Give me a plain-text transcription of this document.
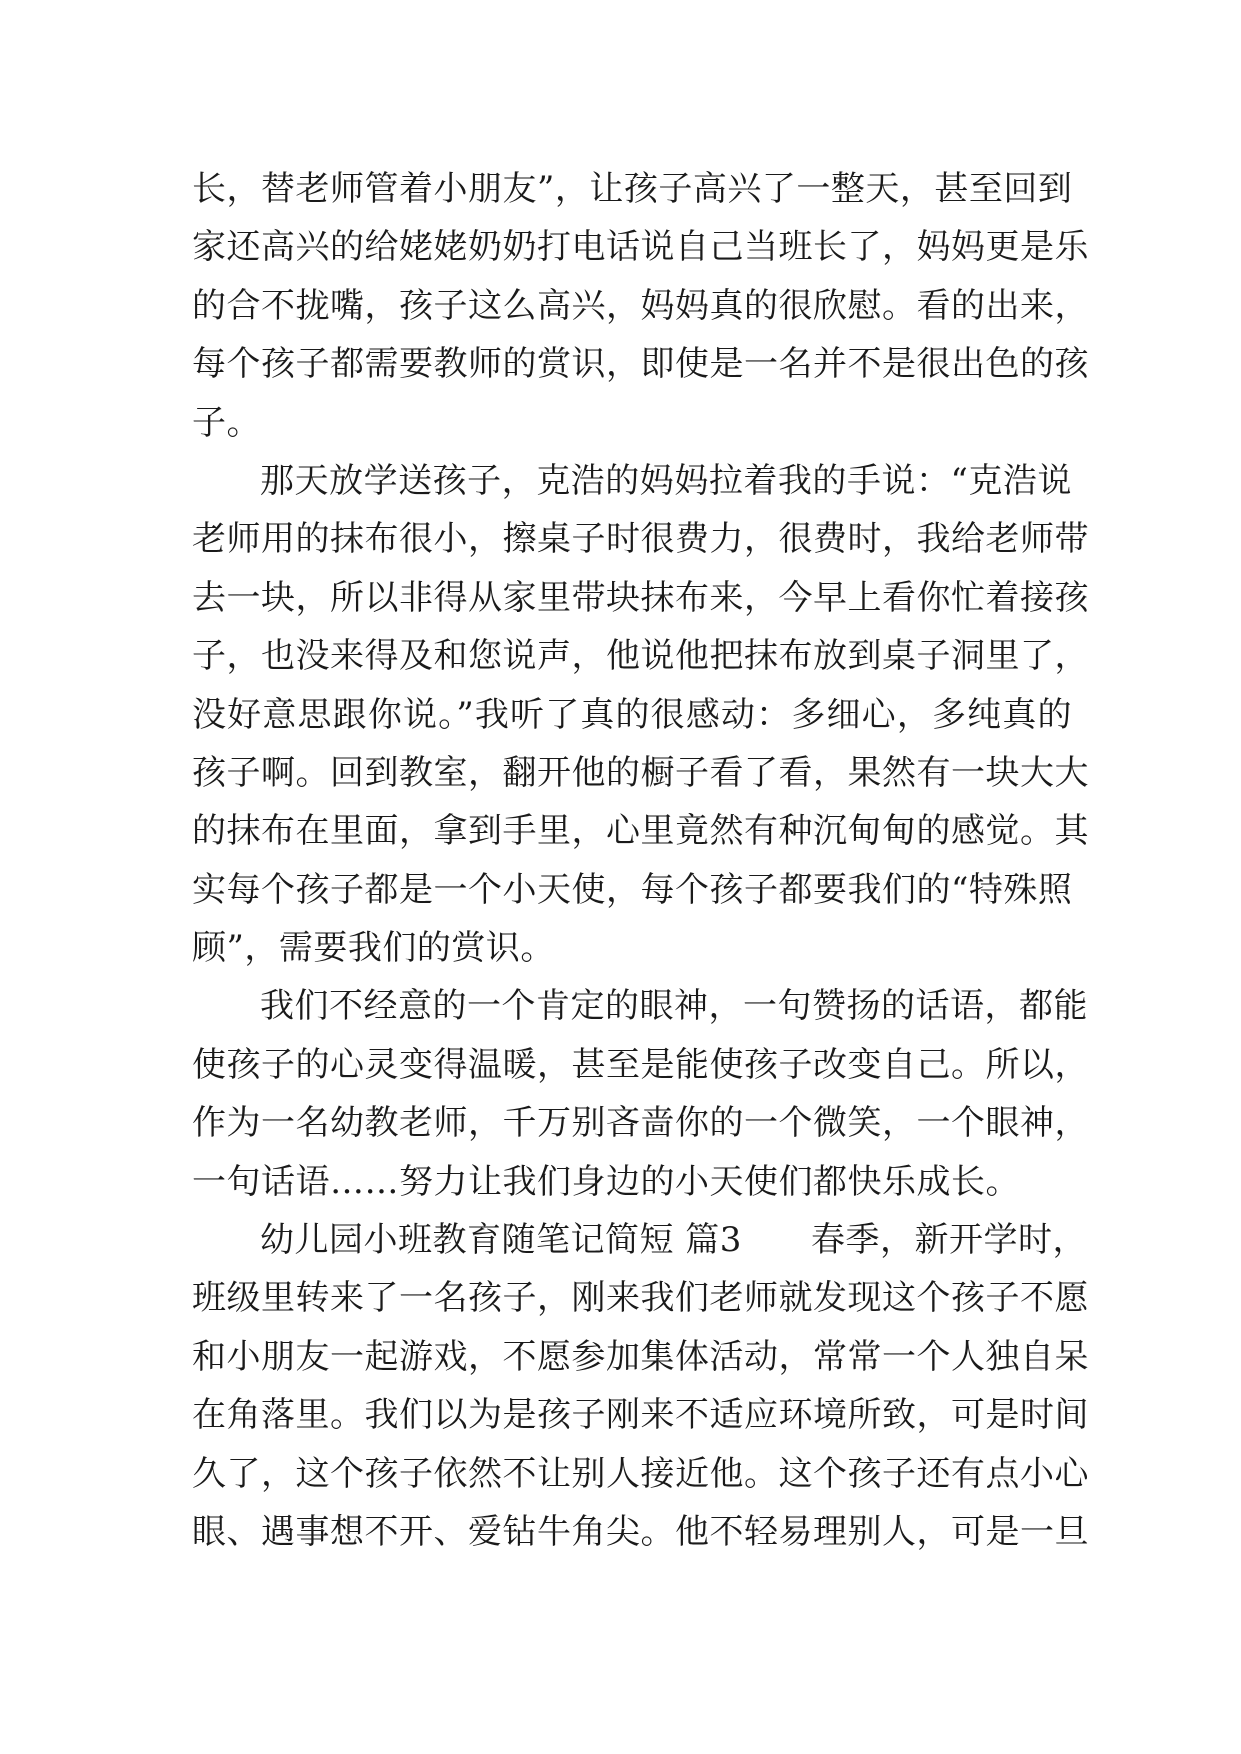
长，替老师管着小朋友”，让孩子高兴了一整天，甚至回到
家还高兴的给姥姥奶奶打电话说自己当班长了，妈妈更是乐
的合不拢嘴，孩子这么高兴，妈妈真的很欣慰。看的出来，
每个孩子都需要教师的赏识，即使是一名并不是很出色的孩
子。
那天放学送孩子，克浩的妈妈拉着我的手说：“克浩说
老师用的抹布很小，擦桌子时很费力，很费时，我给老师带
去一块，所以非得从家里带块抹布来，今早上看你忙着接孩
子，也没来得及和您说声，他说他把抹布放到桌子洞里了，
没好意思跟你说。”我听了真的很感动：多细心，多纯真的
孩子啊。回到教室，翻开他的橱子看了看，果然有一块大大
的抹布在里面，拿到手里，心里竟然有种沉甸甸的感觉。其
实每个孩子都是一个小天使，每个孩子都要我们的“特殊照
顾”，需要我们的赏识。
我们不经意的一个肯定的眼神，一句赞扬的话语，都能
使孩子的心灵变得温暖，甚至是能使孩子改变自己。所以，
作为一名幼教老师，千万别吝啬你的一个微笑，一个眼神，
一句话语……努力让我们身边的小天使们都快乐成长。
幼儿园小班教育随笔记简短 篇3　　春季，新开学时，
班级里转来了一名孩子，刚来我们老师就发现这个孩子不愿
和小朋友一起游戏，不愿参加集体活动，常常一个人独自呆
在角落里。我们以为是孩子刚来不适应环境所致，可是时间
久了，这个孩子依然不让别人接近他。这个孩子还有点小心
眼、遇事想不开、爱钻牛角尖。他不轻易理别人，可是一旦
